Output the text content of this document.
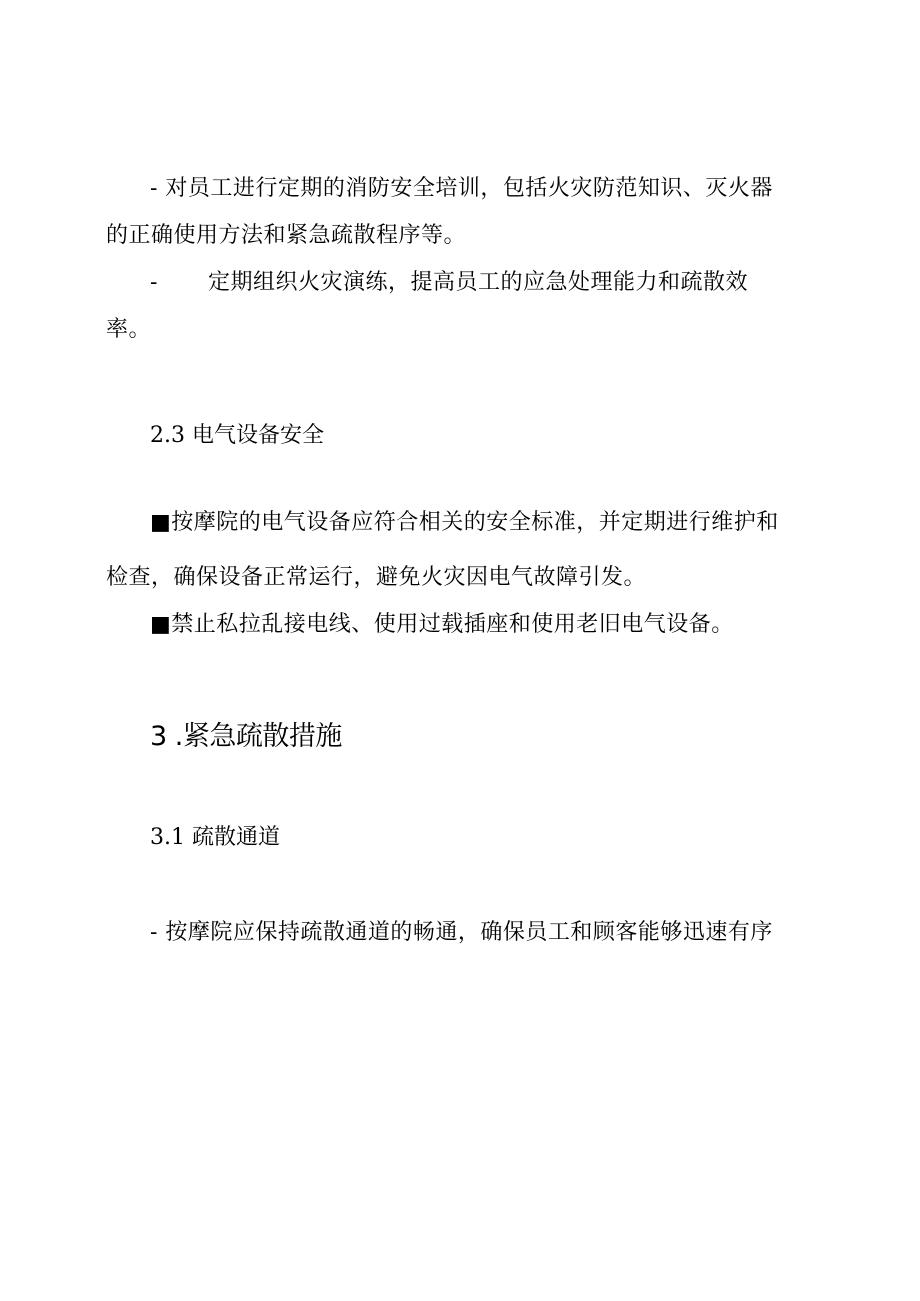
- 对员工进行定期的消防安全培训，包括火灾防范知识、灭火器
的正确使用方法和紧急疏散程序等。
- 定期组织火灾演练，提高员工的应急处理能力和疏散效
率。
2.3 电气设备安全
■按摩院的电气设备应符合相关的安全标准，并定期进行维护和
检查，确保设备正常运行，避免火灾因电气故障引发。
■禁止私拉乱接电线、使用过载插座和使用老旧电气设备。
3 .紧急疏散措施
3.1 疏散通道
- 按摩院应保持疏散通道的畅通，确保员工和顾客能够迅速有序
